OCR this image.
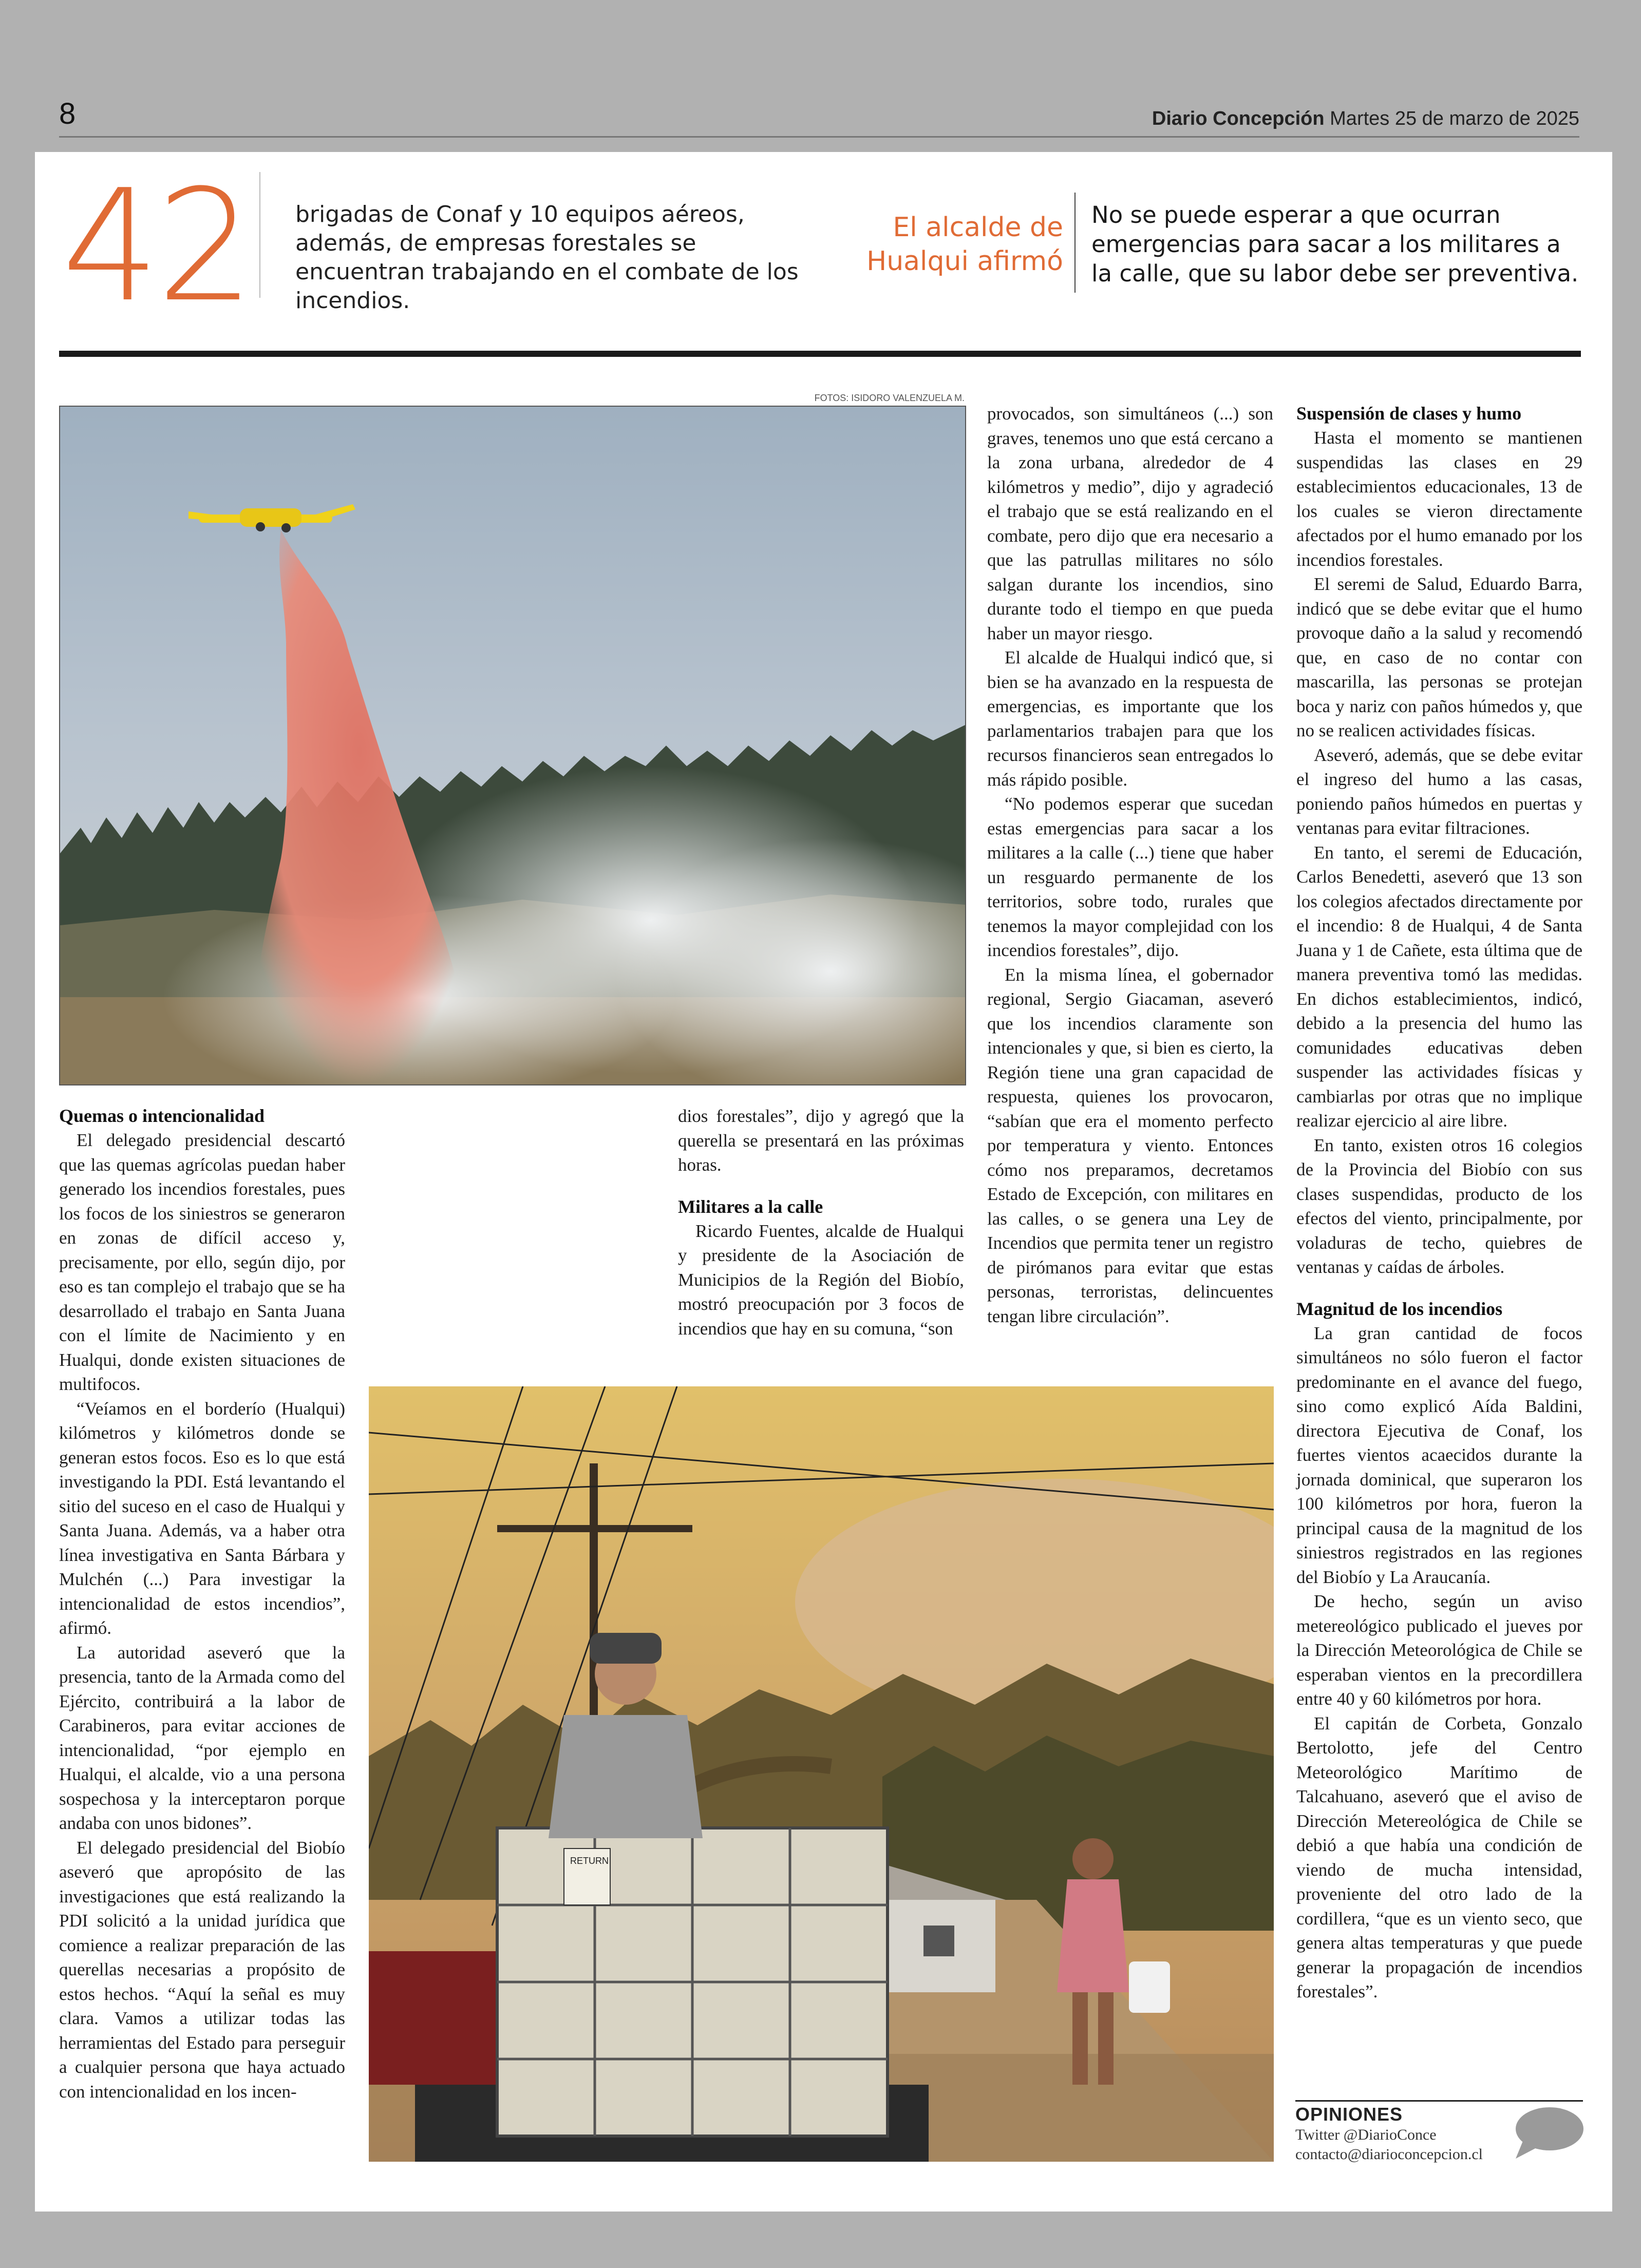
8	Diario Concepción Martes 25 de marzo de 2025
42 brigadas de Conaf y 10 equipos aéreos, además, de empresas forestales se encuentran trabajando en el combate de los incendios.
El alcalde de Hualqui afirmó
No se puede esperar a que ocurran emergencias para sacar a los militares a la calle, que su labor debe ser preventiva.
FOTOS: ISIDORO VALENZUELA M.
RETURN
Quemas o intencionalidad

El delegado presidencial descartó que las quemas agrícolas puedan haber generado los incendios forestales, pues los focos de los siniestros se generaron en zonas de difícil acceso y, precisamente, por ello, según dijo, por eso es tan complejo el trabajo que se ha desarrollado el trabajo en Santa Juana con el límite de Nacimiento y en Hualqui, donde existen situaciones de multifocos.

“Veíamos en el borderío (Hualqui) kilómetros y kilómetros donde se generan estos focos. Eso es lo que está investigando la PDI. Está levantando el sitio del suceso en el caso de Hualqui y Santa Juana. Además, va a haber otra línea investigativa en Santa Bárbara y Mulchén (...) Para investigar la intencionalidad de estos incendios”, afirmó.

La autoridad aseveró que la presencia, tanto de la Armada como del Ejército, contribuirá a la labor de Carabineros, para evitar acciones de intencionalidad, “por ejemplo en Hualqui, el alcalde, vio a una persona sospechosa y la interceptaron porque andaba con unos bidones”.

El delegado presidencial del Biobío aseveró que apropósito de las investigaciones que está realizando la PDI solicitó a la unidad jurídica que comience a realizar preparación de las querellas necesarias a propósito de estos hechos. “Aquí la señal es muy clara. Vamos a utilizar todas las herramientas del Estado para perseguir a cualquier persona que haya actuado con intencionalidad en los incen-

dios forestales”, dijo y agregó que la querella se presentará en las próximas horas.

Militares a la calle

Ricardo Fuentes, alcalde de Hualqui y presidente de la Asociación de Municipios de la Región del Biobío, mostró preocupación por 3 focos de incendios que hay en su comuna, “son

provocados, son simultáneos (...) son graves, tenemos uno que está cercano a la zona urbana, alrededor de 4 kilómetros y medio”, dijo y agradeció el trabajo que se está realizando en el combate, pero dijo que era necesario a que las patrullas militares no sólo salgan durante los incendios, sino durante todo el tiempo en que pueda haber un mayor riesgo.

El alcalde de Hualqui indicó que, si bien se ha avanzado en la respuesta de emergencias, es importante que los parlamentarios trabajen para que los recursos financieros sean entregados lo más rápido posible.

“No podemos esperar que sucedan estas emergencias para sacar a los militares a la calle (...) tiene que haber un resguardo permanente de los territorios, sobre todo, rurales que tenemos la mayor complejidad con los incendios forestales”, dijo.

En la misma línea, el gobernador regional, Sergio Giacaman, aseveró que los incendios claramente son intencionales y que, si bien es cierto, la Región tiene una gran capacidad de respuesta, quienes los provocaron, “sabían que era el momento perfecto por temperatura y viento. Entonces cómo nos preparamos, decretamos Estado de Excepción, con militares en las calles, o se genera una Ley de Incendios que permita tener un registro de pirómanos para evitar que estas personas, terroristas, delincuentes tengan libre circulación”.

Suspensión de clases y humo

Hasta el momento se mantienen suspendidas las clases en 29 establecimientos educacionales, 13 de los cuales se vieron directamente afectados por el humo emanado por los incendios forestales.

El seremi de Salud, Eduardo Barra, indicó que se debe evitar que el humo provoque daño a la salud y recomendó que, en caso de no contar con mascarilla, las personas se protejan boca y nariz con paños húmedos y, que no se realicen actividades físicas.

Aseveró, además, que se debe evitar el ingreso del humo a las casas, poniendo paños húmedos en puertas y ventanas para evitar filtraciones.

En tanto, el seremi de Educación, Carlos Benedetti, aseveró que 13 son los colegios afectados directamente por el incendio: 8 de Hualqui, 4 de Santa Juana y 1 de Cañete, esta última que de manera preventiva tomó las medidas. En dichos establecimientos, indicó, debido a la presencia del humo las comunidades educativas deben suspender las actividades físicas y cambiarlas por otras que no implique realizar ejercicio al aire libre.

En tanto, existen otros 16 colegios de la Provincia del Biobío con sus clases suspendidas, producto de los efectos del viento, principalmente, por voladuras de techo, quiebres de ventanas y caídas de árboles.

Magnitud de los incendios

La gran cantidad de focos simultáneos no sólo fueron el factor predominante en el avance del fuego, sino como explicó Aída Baldini, directora Ejecutiva de Conaf, los fuertes vientos acaecidos durante la jornada dominical, que superaron los 100 kilómetros por hora, fueron la principal causa de la magnitud de los siniestros registrados en las regiones del Biobío y La Araucanía.

De hecho, según un aviso metereológico publicado el jueves por la Dirección Meteorológica de Chile se esperaban vientos en la precordillera entre 40 y 60 kilómetros por hora.

El capitán de Corbeta, Gonzalo Bertolotto, jefe del Centro Meteorológico Marítimo de Talcahuano, aseveró que el aviso de Dirección Metereológica de Chile se debió a que había una condición de viendo de mucha intensidad, proveniente del otro lado de la cordillera, “que es un viento seco, que genera altas temperaturas y que puede generar la propagación de incendios forestales”.

OPINIONES
Twitter @DiarioConce
contacto@diarioconcepcion.cl
